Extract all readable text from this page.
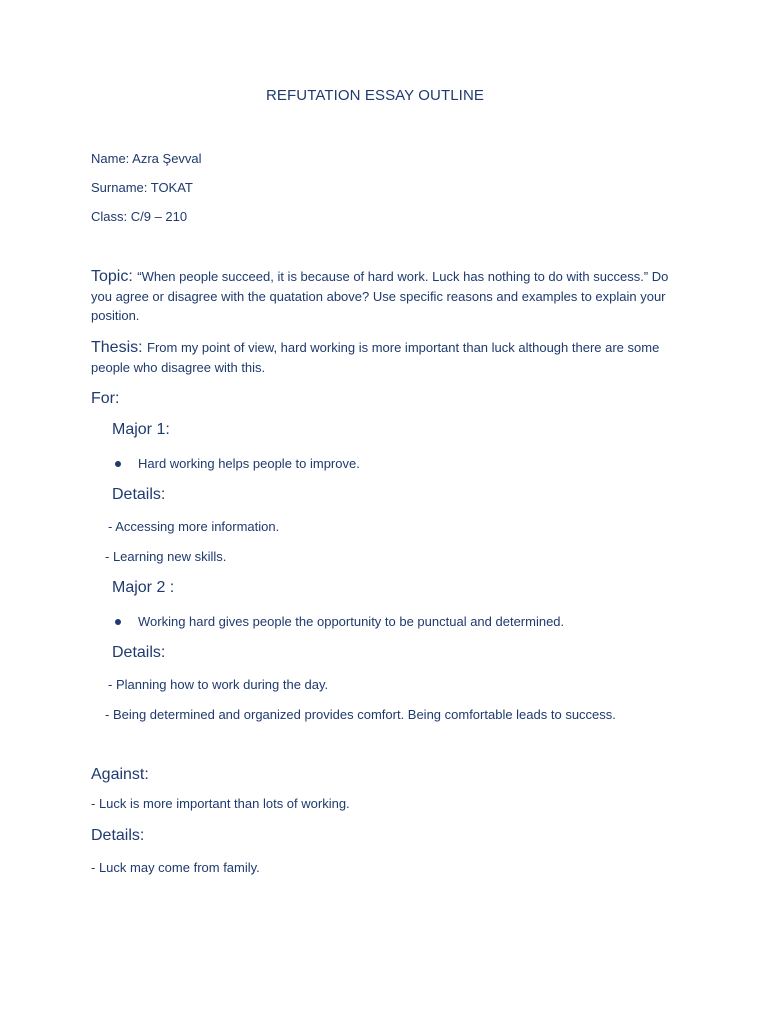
REFUTATION ESSAY OUTLINE
Name: Azra Şevval
Surname: TOKAT
Class: C/9 – 210
Topic: “When people succeed, it is because of hard work. Luck has nothing to do with success.” Do you agree or disagree with the quatation above? Use specific reasons and examples to explain your position.
Thesis: From my point of view, hard working is more important than luck although there are some people who disagree with this.
For:
Major 1:
Hard working helps people to improve.
Details:
- Accessing more information.
- Learning new skills.
Major 2 :
Working hard gives people the opportunity to be punctual and determined.
Details:
- Planning how to work during the day.
- Being determined and organized provides comfort. Being comfortable leads to success.
Against:
- Luck is more important than lots of working.
Details:
- Luck may come from family.
